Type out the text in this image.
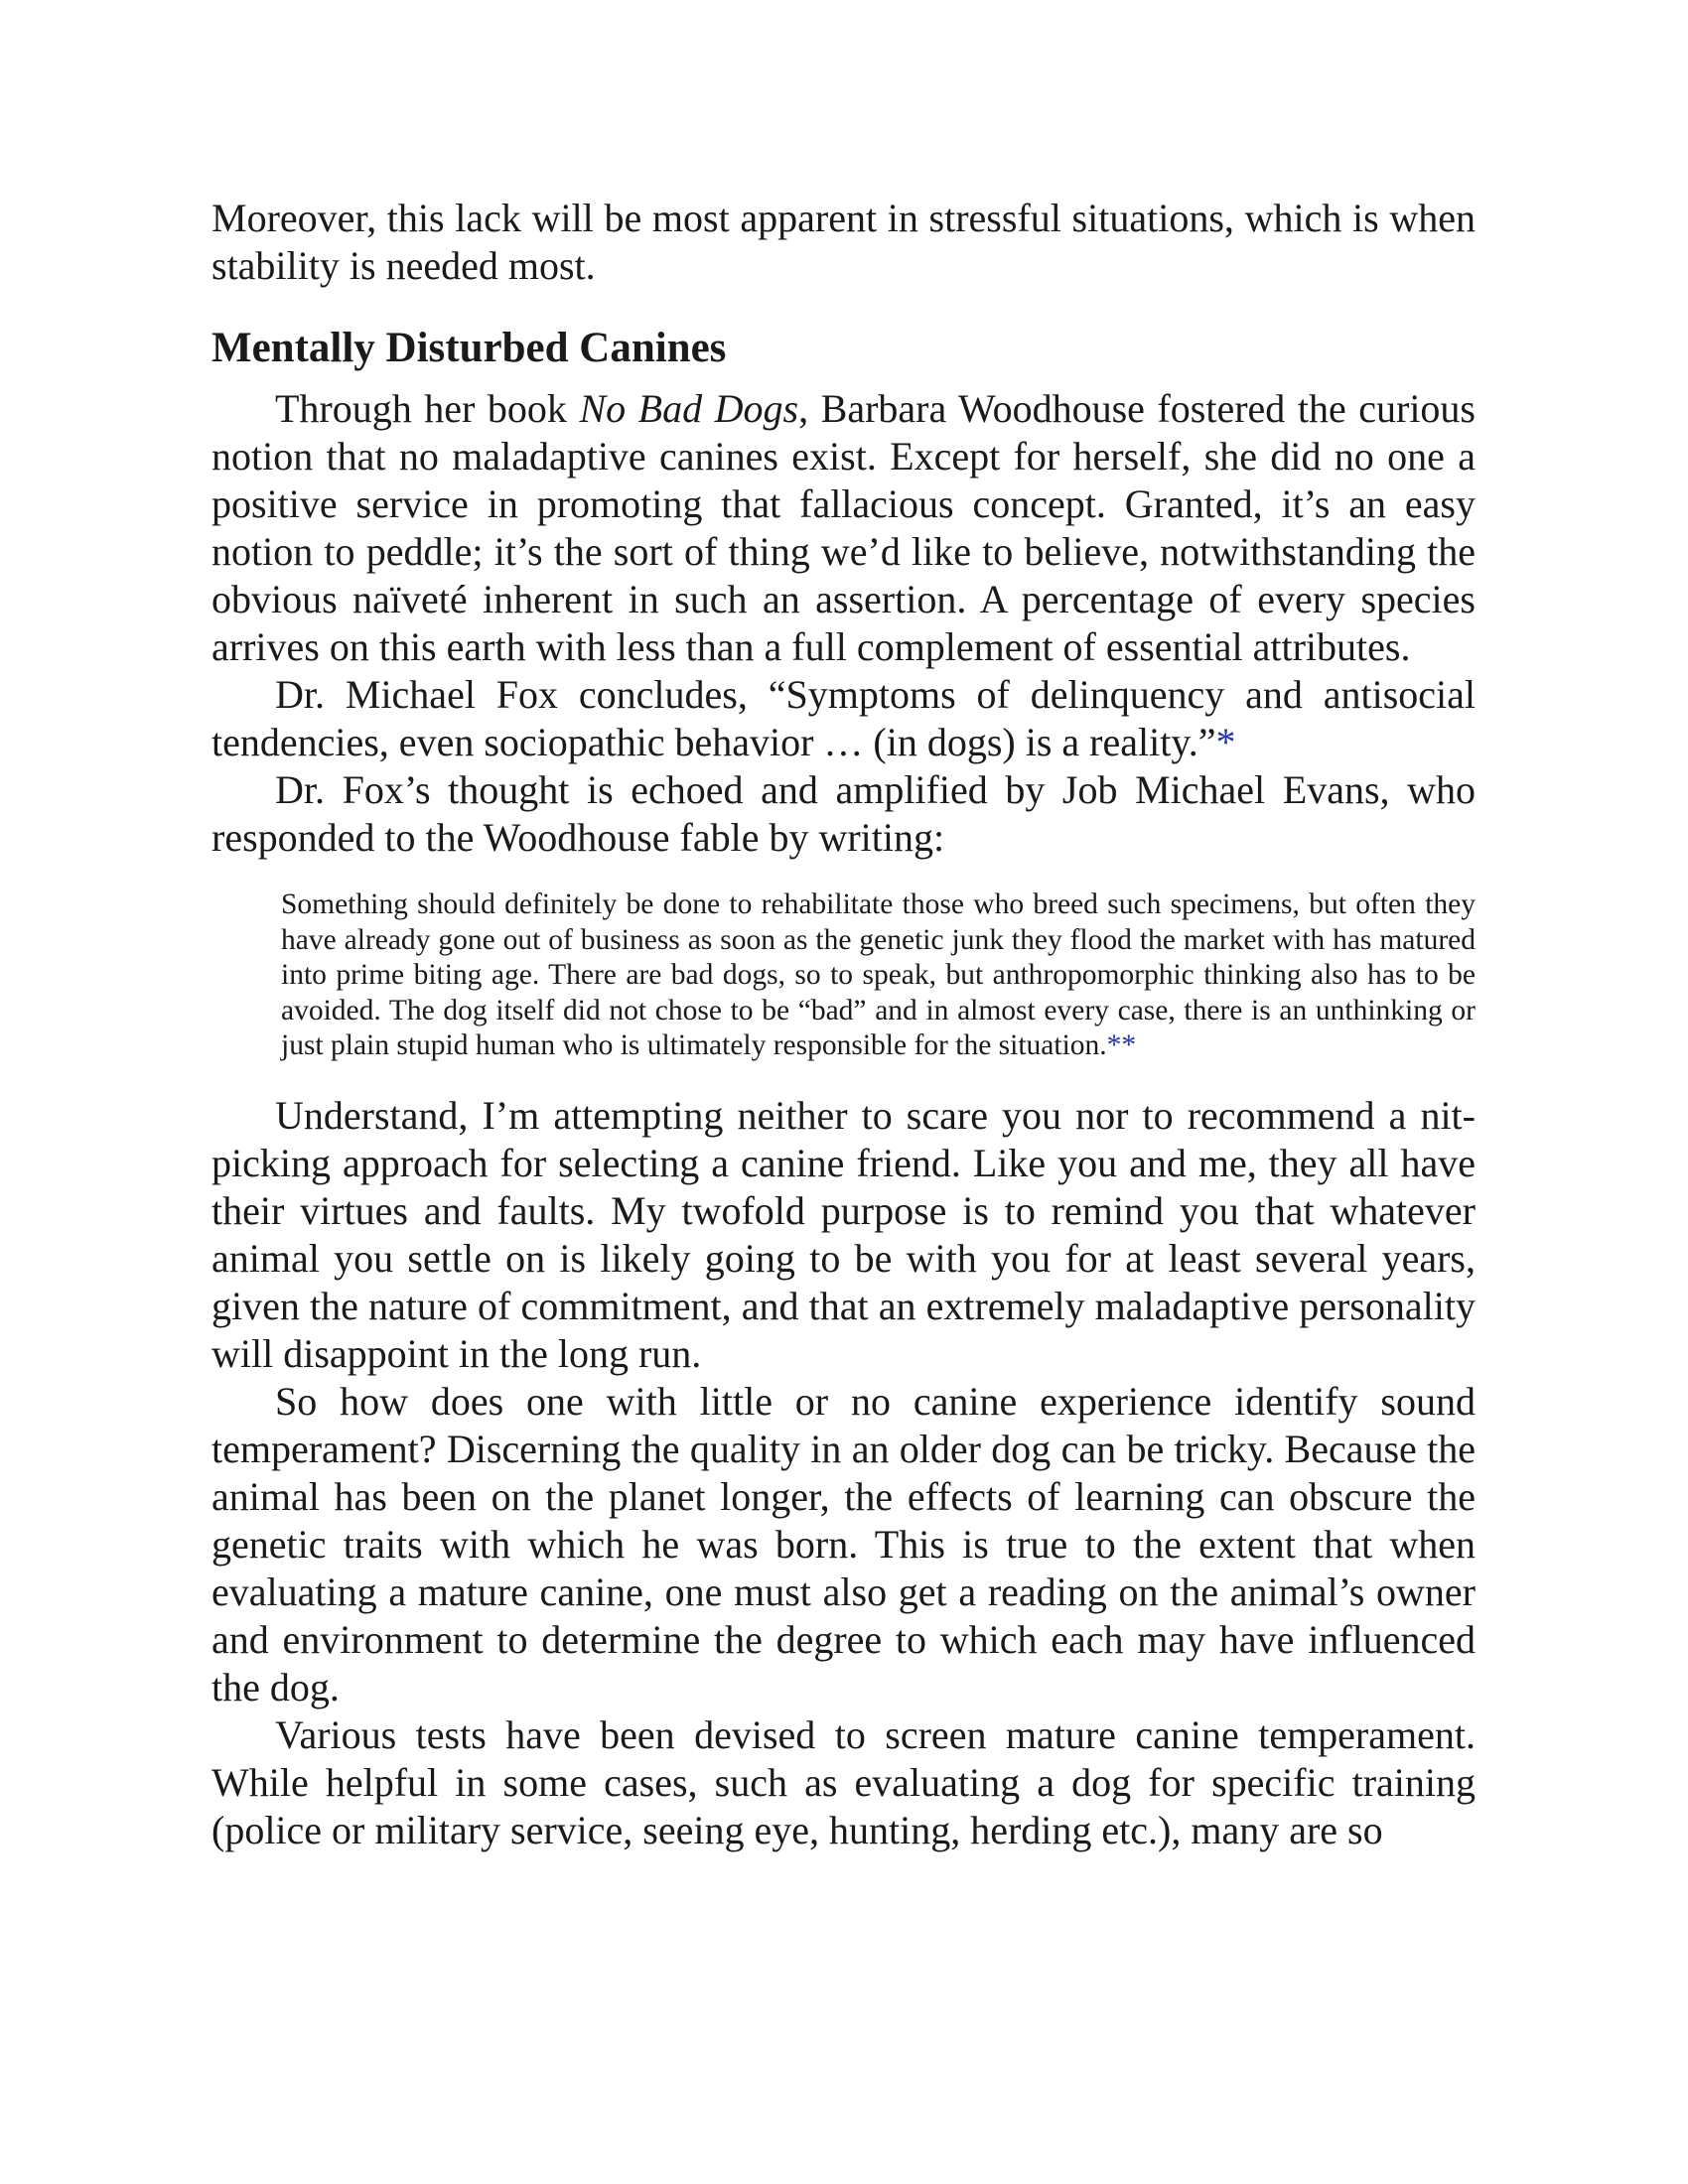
Moreover, this lack will be most apparent in stressful situations, which is when stability is needed most.

Mentally Disturbed Canines

Through her book No Bad Dogs, Barbara Woodhouse fostered the curious notion that no maladaptive canines exist. Except for herself, she did no one a positive service in promoting that fallacious concept. Granted, it’s an easy notion to peddle; it’s the sort of thing we’d like to believe, notwithstanding the obvious naïveté inherent in such an assertion. A percentage of every species arrives on this earth with less than a full complement of essential attributes.

Dr. Michael Fox concludes, “Symptoms of delinquency and antisocial tendencies, even sociopathic behavior … (in dogs) is a reality.”*

Dr. Fox’s thought is echoed and amplified by Job Michael Evans, who responded to the Woodhouse fable by writing:

Something should definitely be done to rehabilitate those who breed such specimens, but often they have already gone out of business as soon as the genetic junk they flood the market with has matured into prime biting age. There are bad dogs, so to speak, but anthropomorphic thinking also has to be avoided. The dog itself did not chose to be “bad” and in almost every case, there is an unthinking or just plain stupid human who is ultimately responsible for the situation.**

Understand, I’m attempting neither to scare you nor to recommend a nit-picking approach for selecting a canine friend. Like you and me, they all have their virtues and faults. My twofold purpose is to remind you that whatever animal you settle on is likely going to be with you for at least several years, given the nature of commitment, and that an extremely maladaptive personality will disappoint in the long run.

So how does one with little or no canine experience identify sound temperament? Discerning the quality in an older dog can be tricky. Because the animal has been on the planet longer, the effects of learning can obscure the genetic traits with which he was born. This is true to the extent that when evaluating a mature canine, one must also get a reading on the animal’s owner and environment to determine the degree to which each may have influenced the dog.

Various tests have been devised to screen mature canine temperament. While helpful in some cases, such as evaluating a dog for specific training (police or military service, seeing eye, hunting, herding etc.), many are so
